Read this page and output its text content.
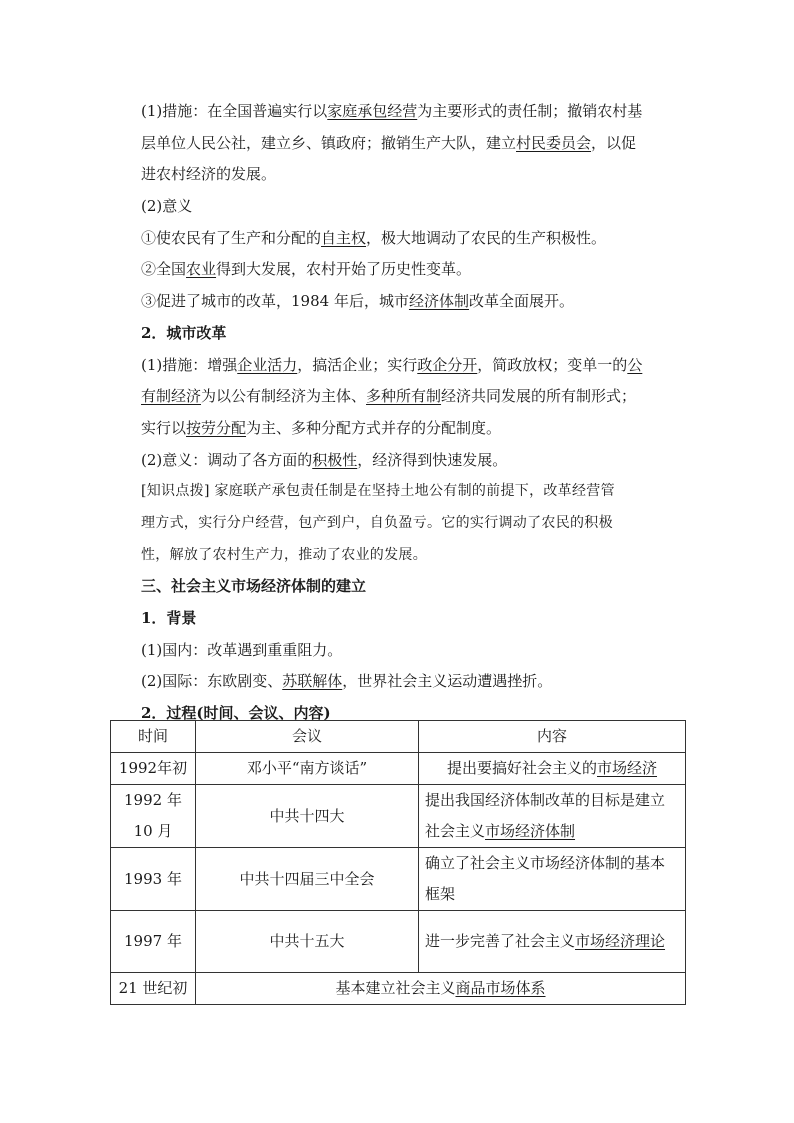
(1)措施：在全国普遍实行以家庭承包经营为主要形式的责任制；撤销农村基
层单位人民公社，建立乡、镇政府；撤销生产大队，建立村民委员会，以促
进农村经济的发展。
(2)意义
①使农民有了生产和分配的自主权，极大地调动了农民的生产积极性。
②全国农业得到大发展，农村开始了历史性变革。
③促进了城市的改革，1984 年后，城市经济体制改革全面展开。
2．城市改革
(1)措施：增强企业活力，搞活企业；实行政企分开，简政放权；变单一的公
有制经济为以公有制经济为主体、多种所有制经济共同发展的所有制形式；
实行以按劳分配为主、多种分配方式并存的分配制度。
(2)意义：调动了各方面的积极性，经济得到快速发展。
[知识点拨] 家庭联产承包责任制是在坚持土地公有制的前提下，改革经营管
理方式，实行分户经营，包产到户，自负盈亏。它的实行调动了农民的积极
性，解放了农村生产力，推动了农业的发展。
三、社会主义市场经济体制的建立
1．背景
(1)国内：改革遇到重重阻力。
(2)国际：东欧剧变、苏联解体，世界社会主义运动遭遇挫折。
2．过程(时间、会议、内容)
时间	会议	内容
1992年初	邓小平“南方谈话”	提出要搞好社会主义的市场经济
1992 年 10 月	中共十四大	提出我国经济体制改革的目标是建立社会主义市场经济体制
1993 年	中共十四届三中全会	确立了社会主义市场经济体制的基本框架
1997 年	中共十五大	进一步完善了社会主义市场经济理论
21 世纪初	基本建立社会主义商品市场体系	
